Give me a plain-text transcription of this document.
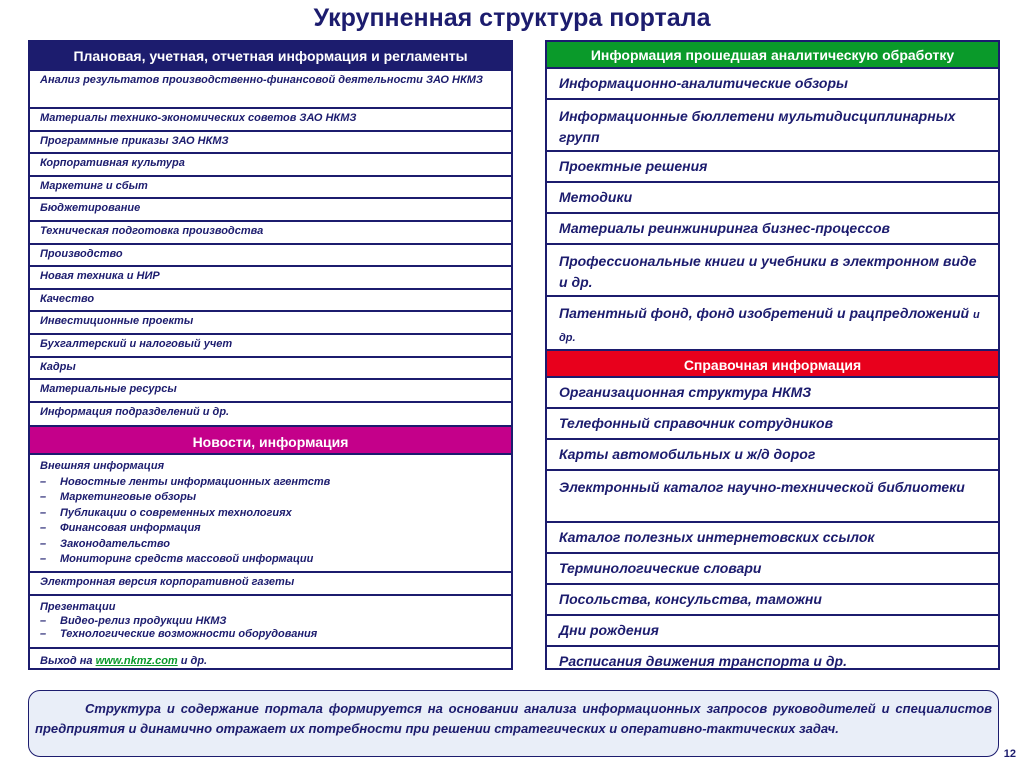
Укрупненная структура портала
Плановая, учетная, отчетная информация и регламенты
Анализ результатов производственно-финансовой деятельности ЗАО НКМЗ
Материалы технико-экономических советов ЗАО НКМЗ
Программные приказы ЗАО НКМЗ
Корпоративная культура
Маркетинг и сбыт
Бюджетирование
Техническая подготовка производства
Производство
Новая техника и НИР
Качество
Инвестиционные проекты
Бухгалтерский и налоговый учет
Кадры
Материальные ресурсы
Информация подразделений и др.
Новости, информация
Внешняя информация
– Новостные ленты информационных агентств
– Маркетинговые обзоры
– Публикации о современных технологиях
– Финансовая информация
– Законодательство
– Мониторинг средств массовой информации
Электронная версия корпоративной газеты
Презентации
– Видео-релиз продукции НКМЗ
– Технологические возможности оборудования
Выход на www.nkmz.com и др.
Информация прошедшая аналитическую обработку
Информационно-аналитические обзоры
Информационные бюллетени мультидисциплинарных групп
Проектные решения
Методики
Материалы реинжиниринга бизнес-процессов
Профессиональные книги и учебники в электронном виде и др.
Патентный фонд, фонд изобретений и рацпредложений и др.
Справочная информация
Организационная структура НКМЗ
Телефонный справочник сотрудников
Карты автомобильных и ж/д дорог
Электронный каталог научно-технической библиотеки
Каталог полезных интернетовских ссылок
Терминологические словари
Посольства, консульства, таможни
Дни рождения
Расписания движения транспорта и др.
Структура и содержание портала формируется на основании анализа информационных запросов руководителей и специалистов предприятия и динамично отражает их потребности при решении стратегических и оперативно-тактических задач.
12
